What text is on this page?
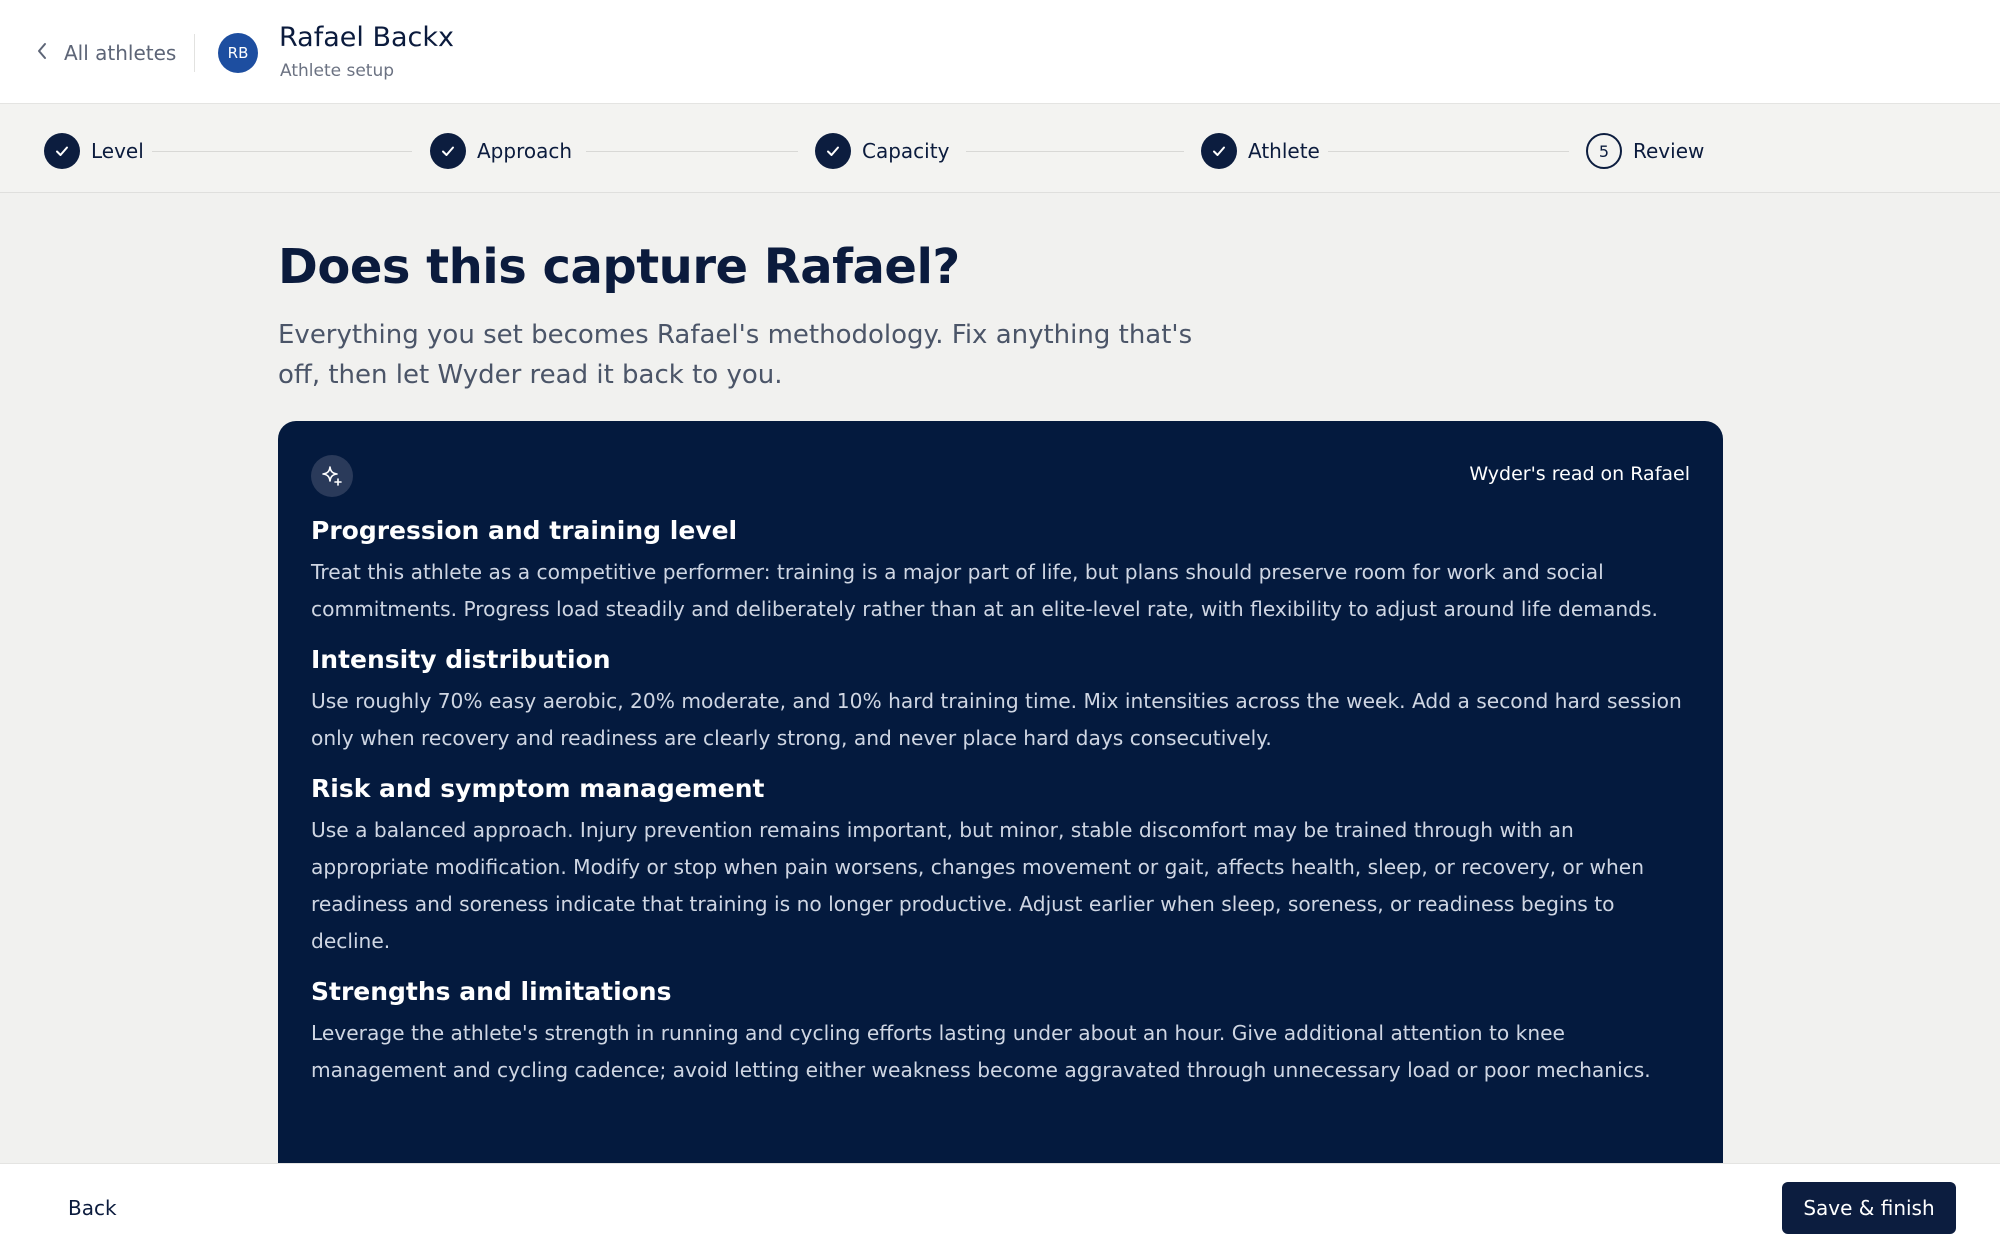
All athletes	RB	Rafael Backx
Athlete setup
Level	Approach	Capacity	Athlete	5	Review
Does this capture Rafael?

Everything you set becomes Rafael's methodology. Fix anything that's off, then let Wyder read it back to you.

Wyder's read on Rafael
Progression and training level

Treat this athlete as a competitive performer: training is a major part of life, but plans should preserve room for work and social commitments. Progress load steadily and deliberately rather than at an elite-level rate, with flexibility to adjust around life demands.

Intensity distribution

Use roughly 70% easy aerobic, 20% moderate, and 10% hard training time. Mix intensities across the week. Add a second hard session only when recovery and readiness are clearly strong, and never place hard days consecutively.

Risk and symptom management

Use a balanced approach. Injury prevention remains important, but minor, stable discomfort may be trained through with an appropriate modification. Modify or stop when pain worsens, changes movement or gait, affects health, sleep, or recovery, or when readiness and soreness indicate that training is no longer productive. Adjust earlier when sleep, soreness, or readiness begins to decline.

Strengths and limitations

Leverage the athlete's strength in running and cycling efforts lasting under about an hour. Give additional attention to knee management and cycling cadence; avoid letting either weakness become aggravated through unnecessary load or poor mechanics.

Back	Save & finish
